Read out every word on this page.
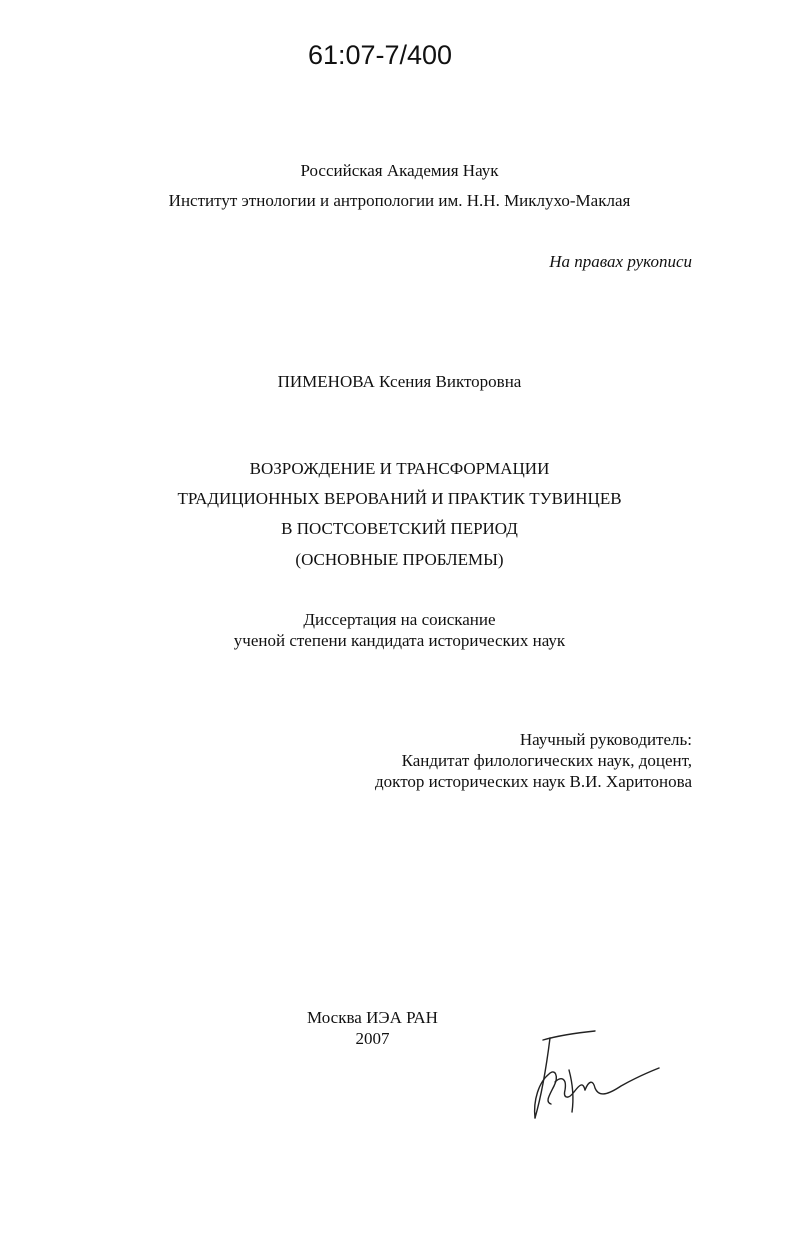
61:07-7/400
Российская Академия Наук
Институт этнологии и антропологии им. Н.Н. Миклухо-Маклая
На правах рукописи
ПИМЕНОВА Ксения Викторовна
ВОЗРОЖДЕНИЕ И ТРАНСФОРМАЦИИ
ТРАДИЦИОННЫХ ВЕРОВАНИЙ И ПРАКТИК ТУВИНЦЕВ
В ПОСТСОВЕТСКИЙ ПЕРИОД
(ОСНОВНЫЕ ПРОБЛЕМЫ)
Диссертация на соискание
ученой степени кандидата исторических наук
Научный руководитель:
Кандитат филологических наук, доцент,
доктор исторических наук В.И. Харитонова
Москва ИЭА РАН
2007
